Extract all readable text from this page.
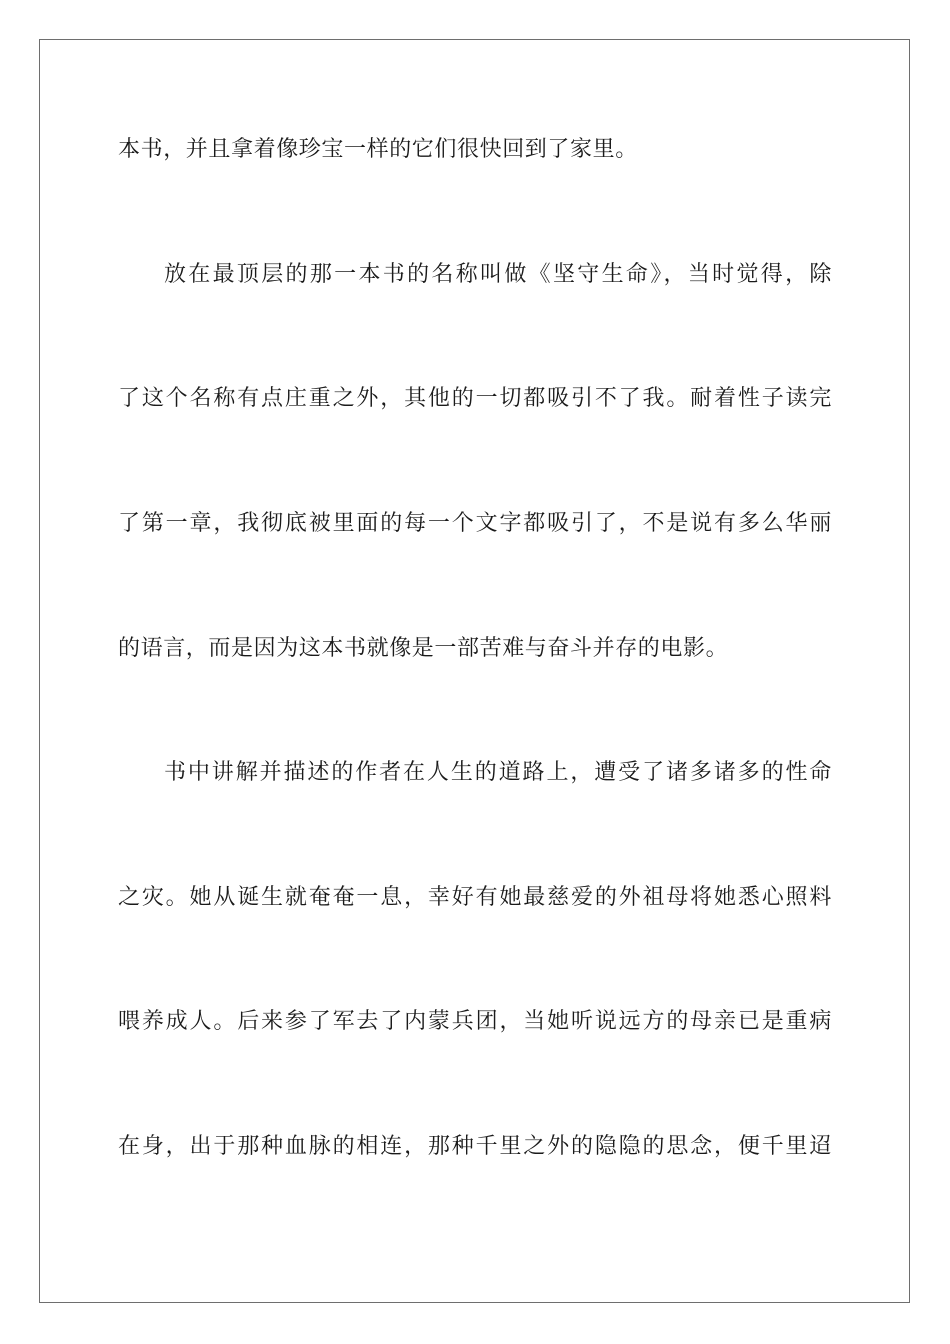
本书，并且拿着像珍宝一样的它们很快回到了家里。
放在最顶层的那一本书的名称叫做《坚守生命》，当时觉得，除
了这个名称有点庄重之外，其他的一切都吸引不了我。耐着性子读完
了第一章，我彻底被里面的每一个文字都吸引了，不是说有多么华丽
的语言，而是因为这本书就像是一部苦难与奋斗并存的电影。
书中讲解并描述的作者在人生的道路上，遭受了诸多诸多的性命
之灾。她从诞生就奄奄一息，幸好有她最慈爱的外祖母将她悉心照料
喂养成人。后来参了军去了内蒙兵团，当她听说远方的母亲已是重病
在身，出于那种血脉的相连，那种千里之外的隐隐的思念，便千里迢
